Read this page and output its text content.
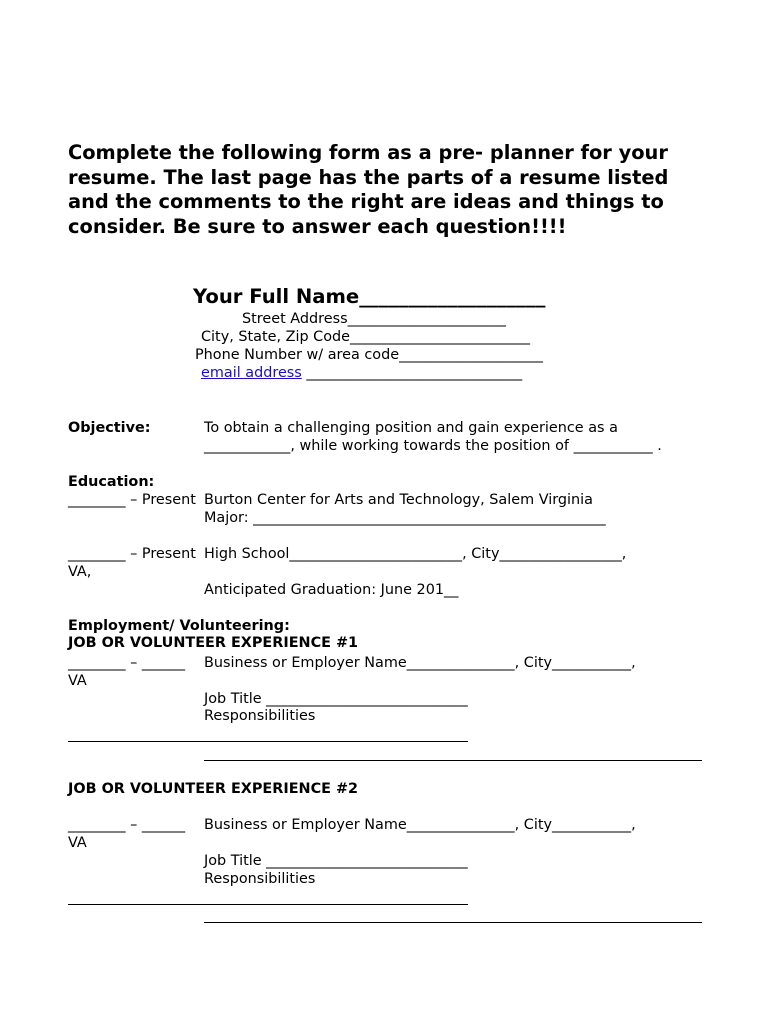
Complete the following form as a pre- planner for your
resume. The last page has the parts of a resume listed
and the comments to the right are ideas and things to
consider. Be sure to answer each question!!!!
Your Full Name___________________
Street Address______________________
City, State, Zip Code_________________________
Phone Number w/ area code____________________
email address ______________________________
Objective:	To obtain a challenging position and gain experience as a
____________, while working towards the position of ___________ .
Education:
________ – Present Burton Center for Arts and Technology, Salem Virginia
Major: _________________________________________________
________ – Present High School________________________, City_________________,
VA,
Anticipated Graduation: June 201__
Employment/ Volunteering:
JOB OR VOLUNTEER EXPERIENCE #1
________ – ______ Business or Employer Name_______________, City___________,
VA
Job Title ____________________________
Responsibilities
JOB OR VOLUNTEER EXPERIENCE #2
________ – ______ Business or Employer Name_______________, City___________,
VA
Job Title ____________________________
Responsibilities
